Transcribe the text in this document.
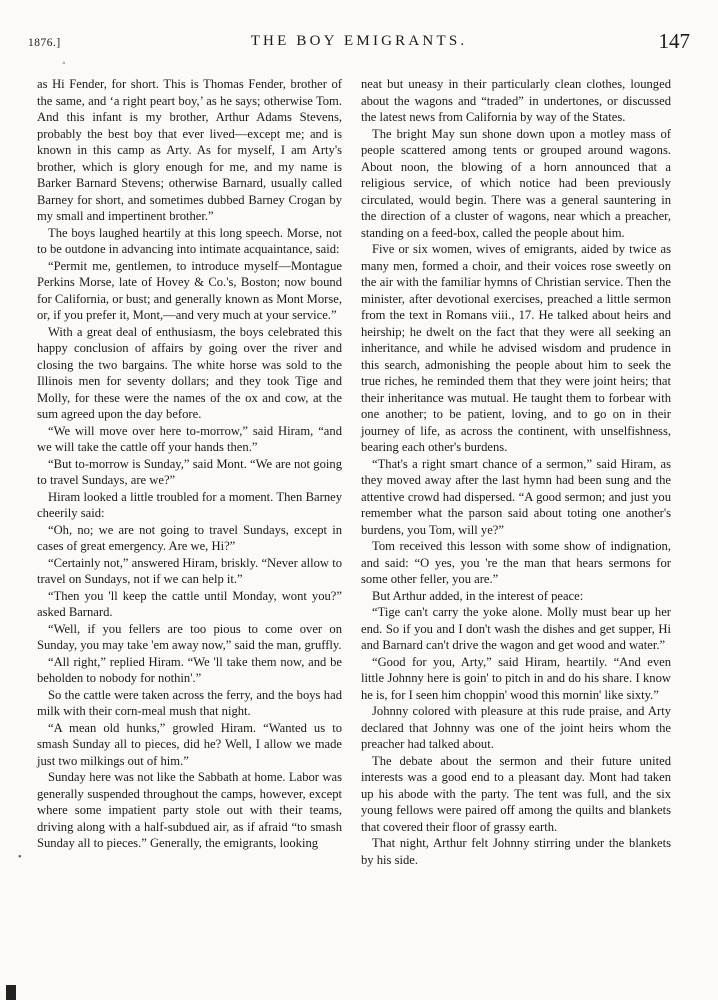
1876.]	THE BOY EMIGRANTS.	147

as Hi Fender, for short. This is Thomas Fender, brother of the same, and ‘a right peart boy,’ as he says; otherwise Tom. And this infant is my brother, Arthur Adams Stevens, probably the best boy that ever lived—except me; and is known in this camp as Arty. As for myself, I am Arty's brother, which is glory enough for me, and my name is Barker Barnard Stevens; otherwise Barnard, usually called Barney for short, and sometimes dubbed Barney Crogan by my small and impertinent brother.”

The boys laughed heartily at this long speech. Morse, not to be outdone in advancing into intimate acquaintance, said:

“Permit me, gentlemen, to introduce myself—Montague Perkins Morse, late of Hovey & Co.'s, Boston; now bound for California, or bust; and generally known as Mont Morse, or, if you prefer it, Mont,—and very much at your service.”

With a great deal of enthusiasm, the boys celebrated this happy conclusion of affairs by going over the river and closing the two bargains. The white horse was sold to the Illinois men for seventy dollars; and they took Tige and Molly, for these were the names of the ox and cow, at the sum agreed upon the day before.

“We will move over here to-morrow,” said Hiram, “and we will take the cattle off your hands then.”

“But to-morrow is Sunday,” said Mont. “We are not going to travel Sundays, are we?”

Hiram looked a little troubled for a moment. Then Barney cheerily said:

“Oh, no; we are not going to travel Sundays, except in cases of great emergency. Are we, Hi?”

“Certainly not,” answered Hiram, briskly. “Never allow to travel on Sundays, not if we can help it.”

“Then you 'll keep the cattle until Monday, wont you?” asked Barnard.

“Well, if you fellers are too pious to come over on Sunday, you may take 'em away now,” said the man, gruffly.

“All right,” replied Hiram. “We 'll take them now, and be beholden to nobody for nothin'.”

So the cattle were taken across the ferry, and the boys had milk with their corn-meal mush that night.

“A mean old hunks,” growled Hiram. “Wanted us to smash Sunday all to pieces, did he? Well, I allow we made just two milkings out of him.”

Sunday here was not like the Sabbath at home. Labor was generally suspended throughout the camps, however, except where some impatient party stole out with their teams, driving along with a half-subdued air, as if afraid “to smash Sunday all to pieces.” Generally, the emigrants, looking

neat but uneasy in their particularly clean clothes, lounged about the wagons and “traded” in undertones, or discussed the latest news from California by way of the States.

The bright May sun shone down upon a motley mass of people scattered among tents or grouped around wagons. About noon, the blowing of a horn announced that a religious service, of which notice had been previously circulated, would begin. There was a general sauntering in the direction of a cluster of wagons, near which a preacher, standing on a feed-box, called the people about him.

Five or six women, wives of emigrants, aided by twice as many men, formed a choir, and their voices rose sweetly on the air with the familiar hymns of Christian service. Then the minister, after devotional exercises, preached a little sermon from the text in Romans viii., 17. He talked about heirs and heirship; he dwelt on the fact that they were all seeking an inheritance, and while he advised wisdom and prudence in this search, admonishing the people about him to seek the true riches, he reminded them that they were joint heirs; that their inheritance was mutual. He taught them to forbear with one another; to be patient, loving, and to go on in their journey of life, as across the continent, with unselfishness, bearing each other's burdens.

“That's a right smart chance of a sermon,” said Hiram, as they moved away after the last hymn had been sung and the attentive crowd had dispersed. “A good sermon; and just you remember what the parson said about toting one another's burdens, you Tom, will ye?”

Tom received this lesson with some show of indignation, and said: “O yes, you 're the man that hears sermons for some other feller, you are.”

But Arthur added, in the interest of peace:

“Tige can't carry the yoke alone. Molly must bear up her end. So if you and I don't wash the dishes and get supper, Hi and Barnard can't drive the wagon and get wood and water.”

“Good for you, Arty,” said Hiram, heartily. “And even little Johnny here is goin' to pitch in and do his share. I know he is, for I seen him choppin' wood this mornin' like sixty.”

Johnny colored with pleasure at this rude praise, and Arty declared that Johnny was one of the joint heirs whom the preacher had talked about.

The debate about the sermon and their future united interests was a good end to a pleasant day. Mont had taken up his abode with the party. The tent was full, and the six young fellows were paired off among the quilts and blankets that covered their floor of grassy earth.

That night, Arthur felt Johnny stirring under the blankets by his side.

◦
•
